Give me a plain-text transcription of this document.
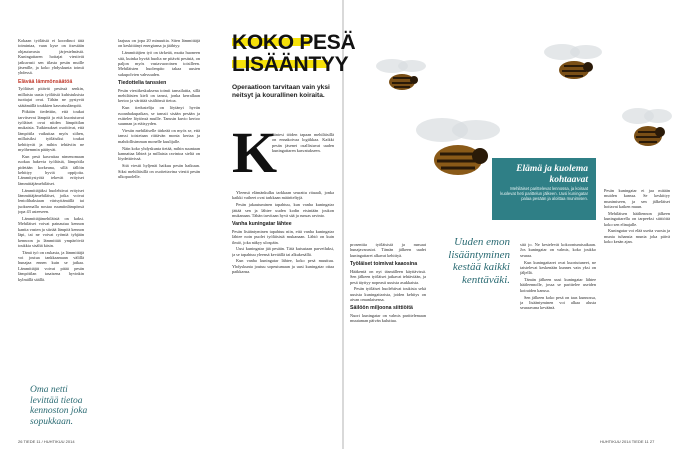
Kokaan työläisiä ei koordinoi tätä toimintaa, vaan kyse on itsestään ohjautuvasta järjestelmästä. Kuningattaren hoitajat viestivät jatkuvasti sen tilasta pesän muille jäsenille, ja koko yhdyskunta toimii yhdessä.

Elävää lämmönsäätöä

Työläiset pitävät pesässä senkin, millaista uusia työläisiä kuhistuksista tuottajat ovat. Tähän ne pystyvät säätämällä toukkien kasvatuslämpöä.

Pitkään tiedettiin, että toukat tarvitsevat lämpöä ja että kuoriutuvat työläiset ovat niiden lämpötilan mukaisia. Tutkimukset osoittivat, että lämpötila vaikuttaa myös siihen, millaisiksi työläisiksi toukat kehittyvät ja mihin tehtäviin ne myöhemmin päätyvät.

Kun pesä kasvattaa nimenomaan ruokaa hakevia työläisiä, lämpötila pidetään korkeana, sillä tällöin kehittyy hyviä oppijoita. Lämmitystyötä tekevät erityiset lämmittäjämehiläiset.

Lämmittäjäksi huolehtivat erityiset lämmittäjämehiläiset, jotka voivat lentolihaksiaan värisyttämällä tai juoksemalla nostaa ruumiinlämpönsä jopa 43 asteeseen.

Lämmittäjämehiläisiä on kaksi. Mehiläiset voivat painautua kennon kantta vasten ja siirtää lämpöä kennon läpi, tai ne voivat ryömiä tyhjään kennoon ja lämmittää ympäröiviä toukkia sisältä käsin.

Tämä työ on raskasta, ja lämmittäjä voi joutua tankkaamaan välillä hunajaa ennen kuin se jatkaa. Lämmittäjät voivat pitää pesän lämpötilan tasaisena hyvinkin kylmällä säällä.

Oma netti levittää tietoa kennoston joka sopukkaan.

laajuus on jopa 20 minuuttia. Siten lämmittäjä on keskittänyt energiansa ja jäähtyy.

Lämmittäjien työ on tärkeää, mutta huoneen sitä, kuinka hyvää huolta ne pitävät pesästä, on paljon myös vastavuoroinen toisilleen. Mehiläisten huolenpito takaa uusien sukupolvien vahvuuden.

Tiedottelia tanssien

Pesän viestikeskuksena toimii tanssilattia, sillä mehiläisten kieli on tanssi, jonka kerrallaan kertoo ja värittää sisältönsä tietoa.

Kun tiedustelija on löytänyt hyvän ruoanhakupaikan, se tanssii sisään pesään ja esittelee löytönsä muille. Tanssin kuvio kertoo suunnan ja etäisyyden.

Viestin mehiläiselle tärkeää on myös se, että tanssi toistetaan riittävän monta kertaa ja mahdollisimman monelle kuulijalle.

Näin koko yhdyskunta tietää, mihin suuntaan kannattaa lähteä ja millaista ravintoa sieltä on löydettävissä.

Sitä viestii hyljenäi haikuu pesän haikuun. Siksi mehiläisillä on osoitettavina viestit pesän ulkopuolelle.

KOKO PESÄ
LISÄÄNTYY
Operaatioon tarvitaan vain yksi neitsyt ja kourallinen koiraita.
K

ääntesi töiden tapaan mehiläisillä on ennakoivaa logiikkaa. Kaikki pesän jäsenet osallistuvat uuden kuningattaren kasvatukseen.

Yleensä elämänkulku tarkkaan seurattu rituaali, jonka kaikki vaiheet ovat tarkkaan määriteltyjä.

Pesän jakautuminen tapahtuu, kun vanha kuningatar jättää sen ja lähtee uuden kodin etsintään joukon mukanaan. Tähän tarvitaan hyvä sää ja runsas ravinto.

Vanha kuningatar lähtee

Pesän lisääntyminen tapahtuu niin, että vanha kuningatar lähtee noin puolet työläisistä mukanaan. Lähtö on kuin ilmiö, joka näkyy ulospäin.

Uusi kuningatar jää pesään. Tätä kutsutaan parveiluksi, ja se tapahtuu yleensä keväällä tai alkukesällä.

Kun vanha kuningatar lähtee, koko pesä muuttuu. Yhdyskunta joutuu sopeutumaan ja uusi kuningatar ottaa paikkansa.

prosenttia työläisistä ja runsaat hunajavarastot. Tämän jälkeen uudet kuningattaret alkavat kehittyä.

Työläiset toimivat kaaosina

Hääkentä on nyt täsmälleen käyttävissä. Sen jälkeen työläiset jatkavat tehtäviään, ja pesä täyttyy nopeasti uusista asukkaista.

Pesän työläiset huolehtivat toukista sekä uusista kuningattarista, joiden kehitys on aivan omanlaisensa.

Säilöön miljoona siittiöitä

Nuori kuningatar on valmis parittelemaan muutaman päivän kuluttua.

Uuden emon lisääntyminen kestää kaikki kenttäväki.

sitä jo. Ne kestelevät kokoontumisaikaan. Jos kuningatar on valmis, koko joukko seuraa.

Kun kuningattaret ovat kuoriutuneet, ne taistelevat keskenään kunnes vain yksi on jäljellä.

Tämän jälkeen uusi kuningatar lähtee hääleennolle, jossa se parittelee useiden koiraiden kanssa.

Sen jälkeen koko pesä on taas kunnossa, ja lisääntyminen voi alkaa alusta seuraavana keväänä.

Pesän kuningatar ei jaa mitään muiden kanssa. Se keskittyy munimiseen, ja sen jälkeläiset hoitavat kaiken muun.

Mehiläisen hääliennon jälkeen kuningattarella on tarpeeksi siittiöitä koko sen elinajalle.

Kuningatar voi elää useita vuosia ja munia tuhansia munia joka päivä koko kesän ajan.

Elämä ja kuolema kohtaavat
Mehiläiset parittelevat lennossa, ja koiraat kuolevat heti parittelun jälkeen. Uusi kuningatar palaa pesään ja aloittaa munimisen.
26 TIEDE 11 / HUHTIKUU 2014	HUHTIKUU 2014 TIEDE 11 27
